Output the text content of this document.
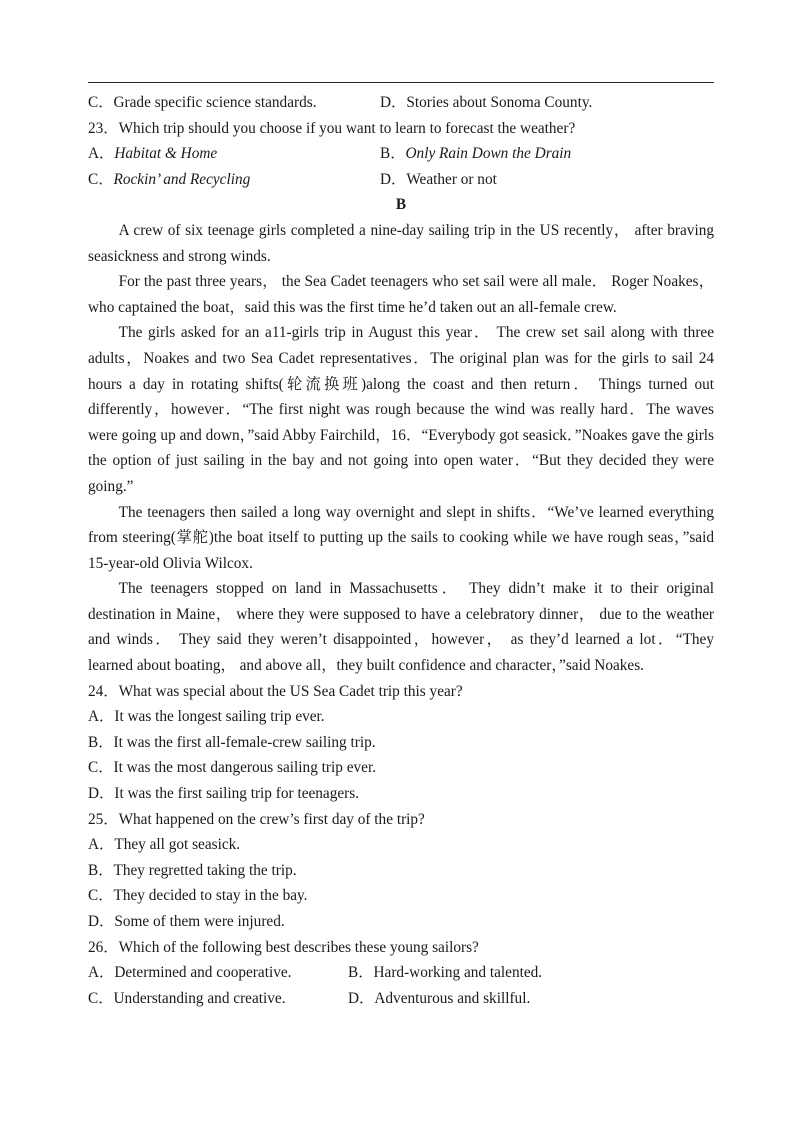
C．Grade specific science standards.	D．Stories about Sonoma County.
23．Which trip should you choose if you want to learn to forecast the weather?
A．Habitat & Home	B．Only Rain Down the Drain
C．Rockin’ and Recycling	D．Weather or not
B

A crew of six teenage girls completed a nine-day sailing trip in the US recently， after braving seasickness and strong winds.

For the past three years， the Sea Cadet teenagers who set sail were all male． Roger Noakes，who captained the boat，said this was the first time he’d taken out an all-female crew.

The girls asked for an a11-girls trip in August this year． The crew set sail along with three adults，Noakes and two Sea Cadet representatives．The original plan was for the girls to sail 24 hours a day in rotating shifts(轮流换班)along the coast and then return． Things turned out differently，however．“The first night was rough because the wind was really hard．The waves were going up and down，”said Abby Fairchild，16．“Everybody got seasick．”Noakes gave the girls the option of just sailing in the bay and not going into open water．“But they decided they were going.”

The teenagers then sailed a long way overnight and slept in shifts．“We’ve learned everything from steering(掌舵)the boat itself to putting up the sails to cooking while we have rough seas，”said 15-year-old Olivia Wilcox.

The teenagers stopped on land in Massachusetts． They didn’t make it to their original destination in Maine， where they were supposed to have a celebratory dinner， due to the weather and winds． They said they weren’t disappointed，however， as they’d learned a lot．“They learned about boating， and above all，they built confidence and character，”said Noakes.

24．What was special about the US Sea Cadet trip this year?
A．It was the longest sailing trip ever.
B．It was the first all-female-crew sailing trip.
C．It was the most dangerous sailing trip ever.
D．It was the first sailing trip for teenagers.
25．What happened on the crew’s first day of the trip?
A．They all got seasick.
B．They regretted taking the trip.
C．They decided to stay in the bay.
D．Some of them were injured.
26．Which of the following best describes these young sailors?
A．Determined and cooperative.	B．Hard-working and talented.
C．Understanding and creative.	D．Adventurous and skillful.
